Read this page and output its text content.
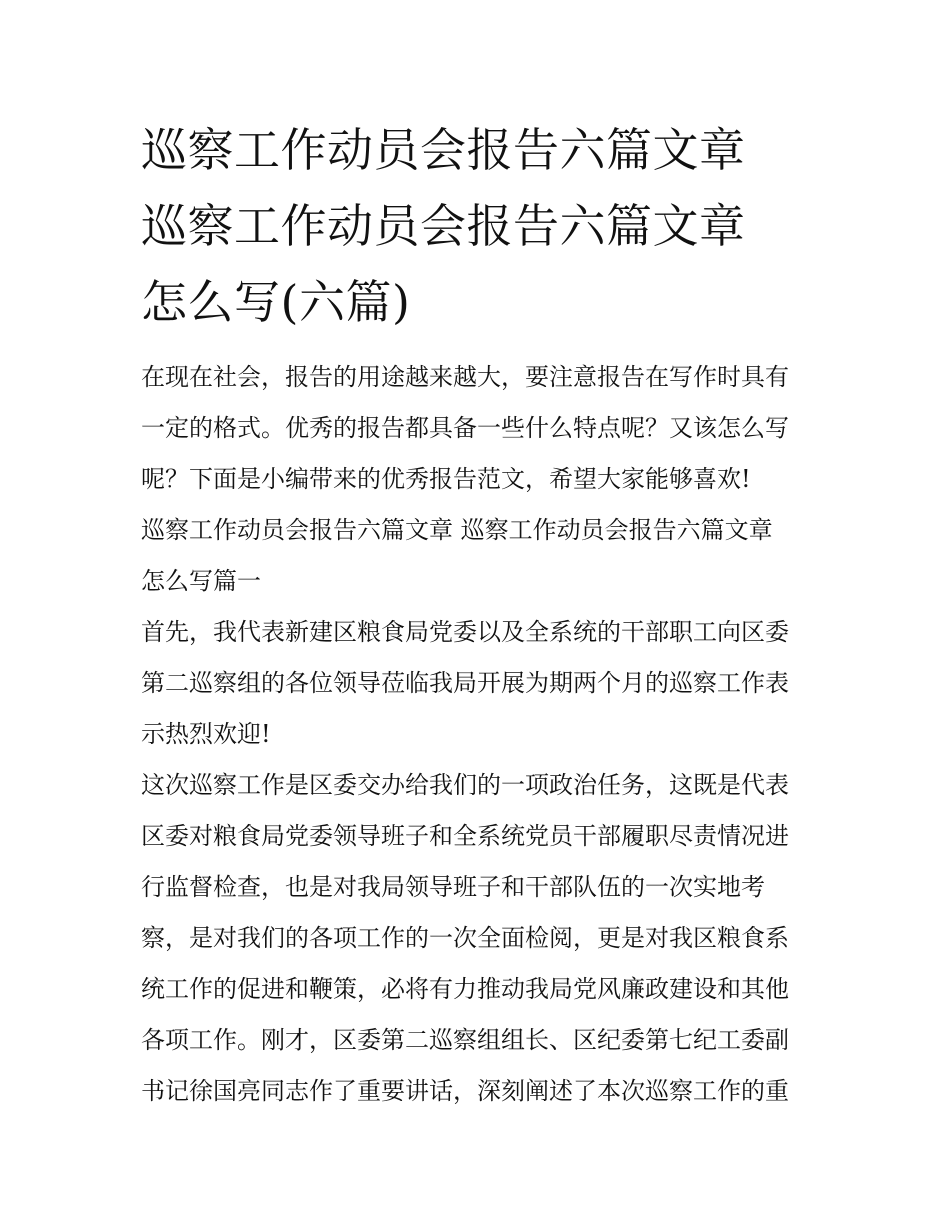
巡察工作动员会报告六篇文章
巡察工作动员会报告六篇文章
怎么写(六篇)

在现在社会，报告的用途越来越大，要注意报告在写作时具有
一定的格式。优秀的报告都具备一些什么特点呢？又该怎么写
呢？下面是小编带来的优秀报告范文，希望大家能够喜欢!

巡察工作动员会报告六篇文章 巡察工作动员会报告六篇文章
怎么写篇一

首先，我代表新建区粮食局党委以及全系统的干部职工向区委
第二巡察组的各位领导莅临我局开展为期两个月的巡察工作表
示热烈欢迎!

这次巡察工作是区委交办给我们的一项政治任务，这既是代表
区委对粮食局党委领导班子和全系统党员干部履职尽责情况进
行监督检查，也是对我局领导班子和干部队伍的一次实地考
察，是对我们的各项工作的一次全面检阅，更是对我区粮食系
统工作的促进和鞭策，必将有力推动我局党风廉政建设和其他
各项工作。刚才，区委第二巡察组组长、区纪委第七纪工委副
书记徐国亮同志作了重要讲话，深刻阐述了本次巡察工作的重
